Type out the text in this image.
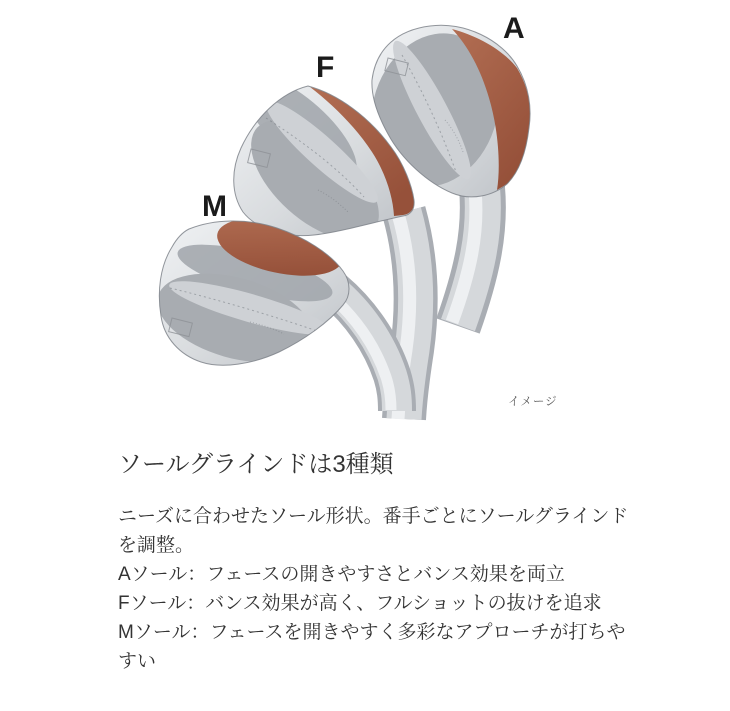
A
F
M
イメージ
ソールグラインドは3種類
ニーズに合わせたソール形状。番手ごとにソールグラインド
を調整。
Aソール：フェースの開きやすさとバンス効果を両立
Fソール：バンス効果が高く、フルショットの抜けを追求
Mソール：フェースを開きやすく多彩なアプローチが打ちや
すい
